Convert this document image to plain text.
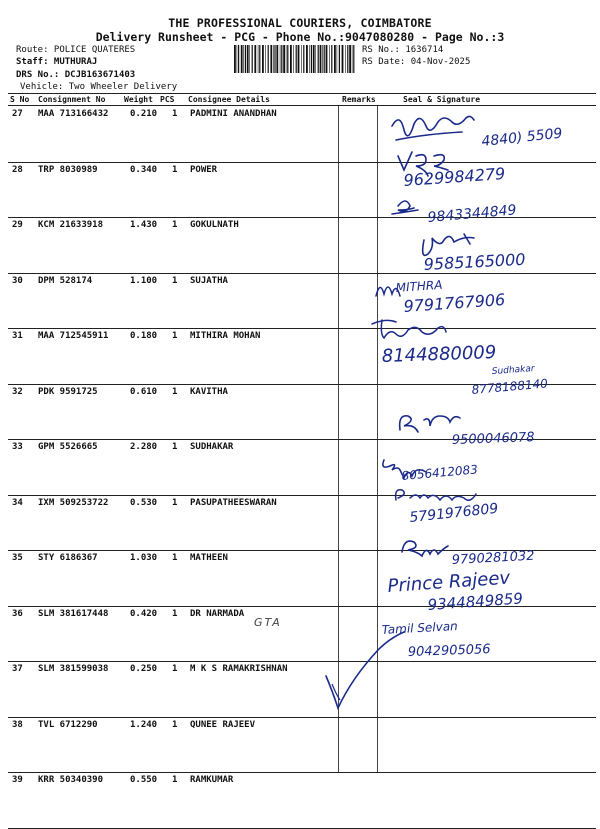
THE PROFESSIONAL COURIERS, COIMBATORE
Delivery Runsheet - PCG - Phone No.:9047080280 - Page No.:3
Route: POLICE QUATERES
Staff: MUTHURAJ
DRS No.: DCJB163671403
Vehicle: Two Wheeler Delivery
RS No.: 1636714
RS Date: 04-Nov-2025
S No Consignment No Weight PCS Consignee Details	Remarks	Seal & Signature
27 MAA 713166432 0.210 1 PADMINI ANANDHAN
28 TRP 8030989	0.340 1 POWER
29 KCM 21633918	1.430 1 GOKULNATH
30 DPM 528174	1.100 1 SUJATHA
31 MAA 712545911 0.180 1 MITHIRA MOHAN
32 PDK 9591725	0.610 1 KAVITHA
33 GPM 5526665	2.280 1 SUDHAKAR
34 IXM 509253722 0.530 1 PASUPATHEESWARAN
35 STY 6186367	1.030 1 MATHEEN
36 SLM 381617448 0.420 1 DR NARMADA
37 SLM 381599038 0.250 1 M K S RAMAKRISHNAN
38 TVL 6712290	1.240 1 QUNEE RAJEEV
39 KRR 50340390	0.550 1 RAMKUMAR
GTA
4840) 5509
9629984279
9843344849
9585165000
MITHRA
9791767906
8144880009
Sudhakar
8778188140
9500046078
8056412083
5791976809
9790281032
Prince Rajeev
9344849859
Tamil Selvan
9042905056
